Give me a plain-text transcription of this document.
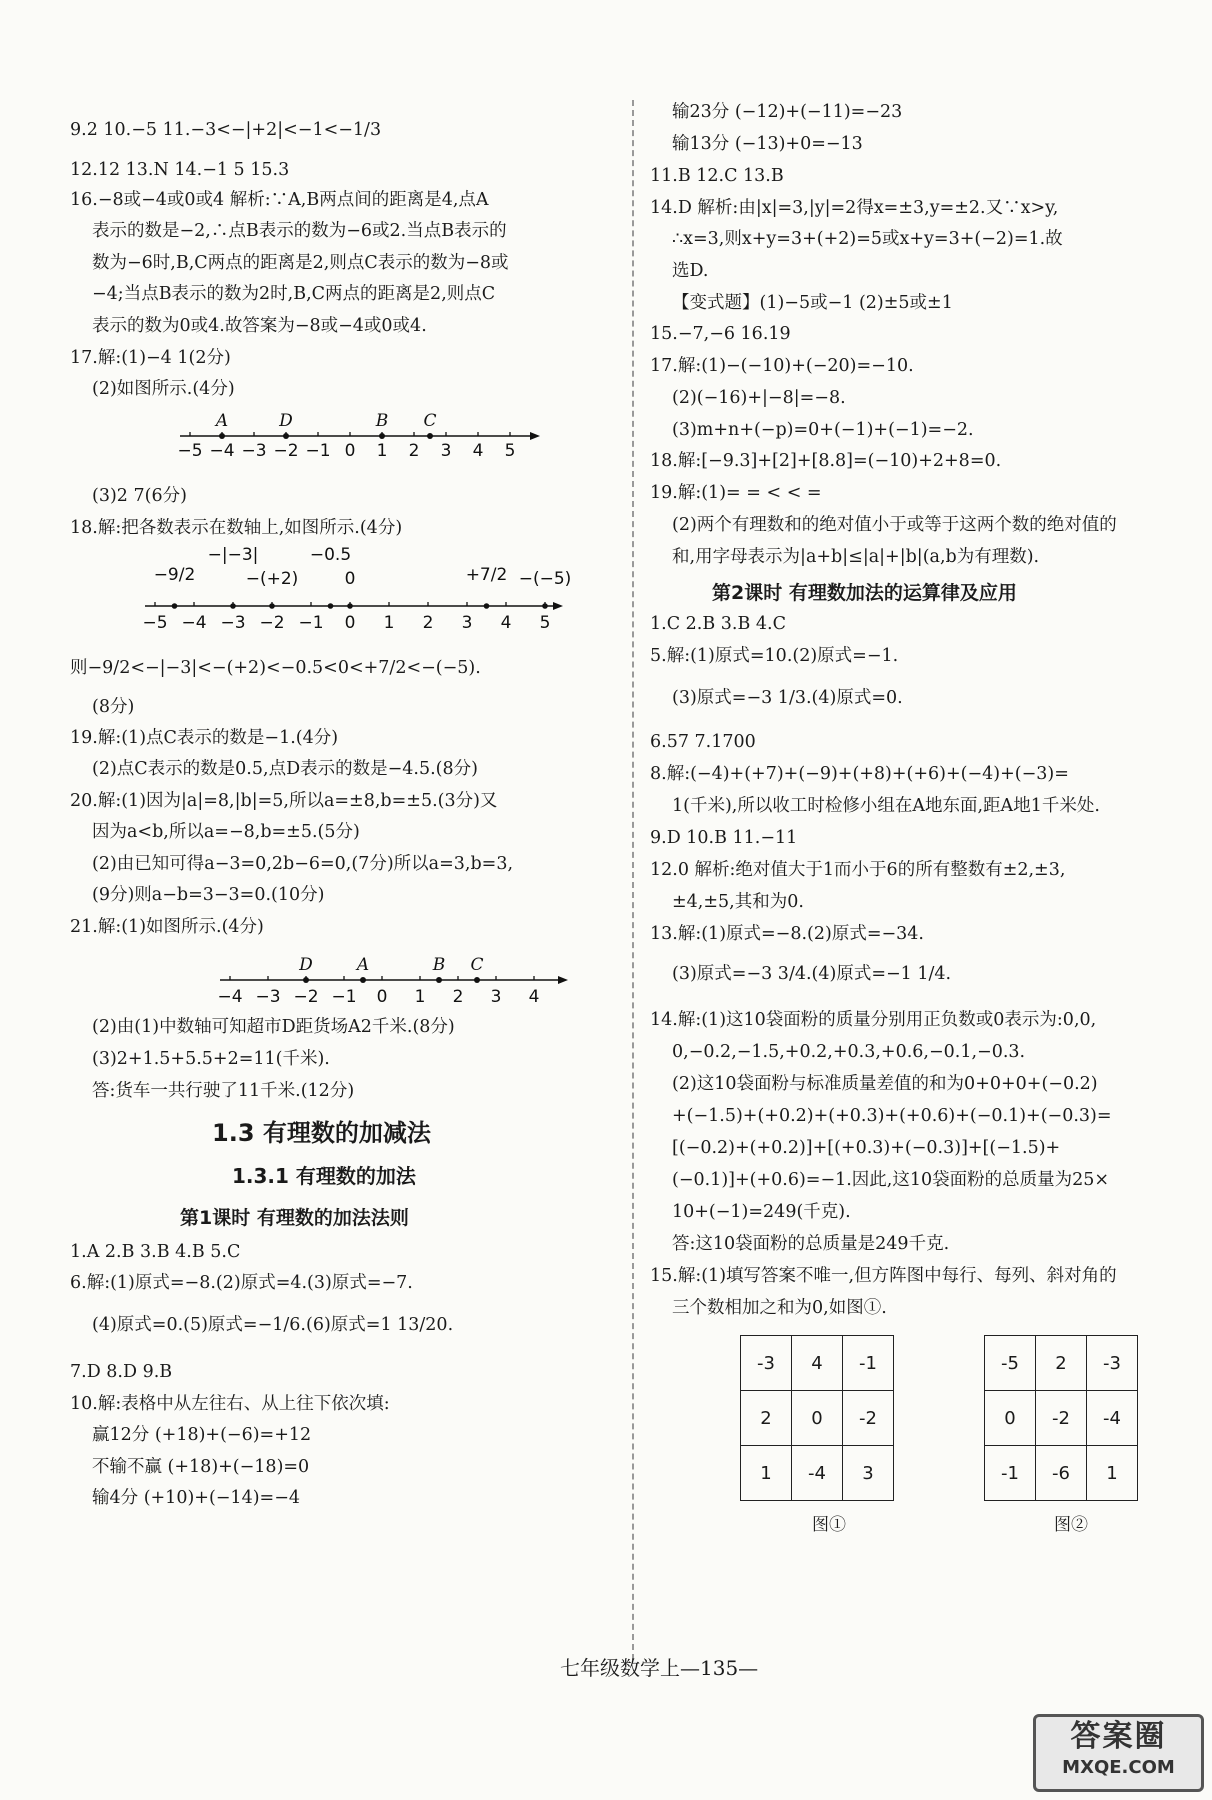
9.2 10.−5 11.−3<−|+2|<−1<−1/3
12.12 13.N 14.−1 5 15.3
16.−8或−4或0或4 解析:∵A,B两点间的距离是4,点A
表示的数是−2,∴点B表示的数为−6或2.当点B表示的
数为−6时,B,C两点的距离是2,则点C表示的数为−8或
−4;当点B表示的数为2时,B,C两点的距离是2,则点C
表示的数为0或4.故答案为−8或−4或0或4.
17.解:(1)−4 1(2分)
(2)如图所示.(4分)
−5 −4 −3 −2 −1 0 1 2 3 4 5
A	D	B C
(3)2 7(6分)
18.解:把各数表示在数轴上,如图所示.(4分)
−5 −4 −3 −2 −1 0 1 2 3 4 5
−9/2
−|−3|
−(+2)
−0.5
0	+7/2 −(−5)
则−9/2<−|−3|<−(+2)<−0.5<0<+7/2<−(−5).
(8分)
19.解:(1)点C表示的数是−1.(4分)
(2)点C表示的数是0.5,点D表示的数是−4.5.(8分)
20.解:(1)因为|a|=8,|b|=5,所以a=±8,b=±5.(3分)又
因为a<b,所以a=−8,b=±5.(5分)
(2)由已知可得a−3=0,2b−6=0,(7分)所以a=3,b=3,
(9分)则a−b=3−3=0.(10分)
21.解:(1)如图所示.(4分)
−4 −3 −2 −1 0 1 2 3 4
D	A	B C
(2)由(1)中数轴可知超市D距货场A2千米.(8分)
(3)2+1.5+5.5+2=11(千米).
答:货车一共行驶了11千米.(12分)
1.3 有理数的加减法
1.3.1 有理数的加法
第1课时 有理数的加法法则
1.A 2.B 3.B 4.B 5.C
6.解:(1)原式=−8.(2)原式=4.(3)原式=−7.
(4)原式=0.(5)原式=−1/6.(6)原式=1 13/20.
7.D 8.D 9.B
10.解:表格中从左往右、从上往下依次填:
赢12分 (+18)+(−6)=+12
不输不赢 (+18)+(−18)=0
输4分 (+10)+(−14)=−4
输23分 (−12)+(−11)=−23
输13分 (−13)+0=−13
11.B 12.C 13.B
14.D 解析:由|x|=3,|y|=2得x=±3,y=±2.又∵x>y,
∴x=3,则x+y=3+(+2)=5或x+y=3+(−2)=1.故
选D.
【变式题】(1)−5或−1 (2)±5或±1
15.−7,−6 16.19
17.解:(1)−(−10)+(−20)=−10.
(2)(−16)+|−8|=−8.
(3)m+n+(−p)=0+(−1)+(−1)=−2.
18.解:[−9.3]+[2]+[8.8]=(−10)+2+8=0.
19.解:(1)= = < < =
(2)两个有理数和的绝对值小于或等于这两个数的绝对值的
和,用字母表示为|a+b|≤|a|+|b|(a,b为有理数).
第2课时 有理数加法的运算律及应用
1.C 2.B 3.B 4.C
5.解:(1)原式=10.(2)原式=−1.
(3)原式=−3 1/3.(4)原式=0.
6.57 7.1700
8.解:(−4)+(+7)+(−9)+(+8)+(+6)+(−4)+(−3)=
1(千米),所以收工时检修小组在A地东面,距A地1千米处.
9.D 10.B 11.−11
12.0 解析:绝对值大于1而小于6的所有整数有±2,±3,
±4,±5,其和为0.
13.解:(1)原式=−8.(2)原式=−34.
(3)原式=−3 3/4.(4)原式=−1 1/4.
14.解:(1)这10袋面粉的质量分别用正负数或0表示为:0,0,
0,−0.2,−1.5,+0.2,+0.3,+0.6,−0.1,−0.3.
(2)这10袋面粉与标准质量差值的和为0+0+0+(−0.2)
+(−1.5)+(+0.2)+(+0.3)+(+0.6)+(−0.1)+(−0.3)=
[(−0.2)+(+0.2)]+[(+0.3)+(−0.3)]+[(−1.5)+
(−0.1)]+(+0.6)=−1.因此,这10袋面粉的总质量为25×
10+(−1)=249(千克).
答:这10袋面粉的总质量是249千克.
15.解:(1)填写答案不唯一,但方阵图中每行、每列、斜对角的
三个数相加之和为0,如图①.
-3	4	-1
2	0	-2
1	-4	3
图①
-5	2	-3
0	-2	-4
-1	-6	1
图②
七年级数学上—135—
答案圈
MXQE.COM
